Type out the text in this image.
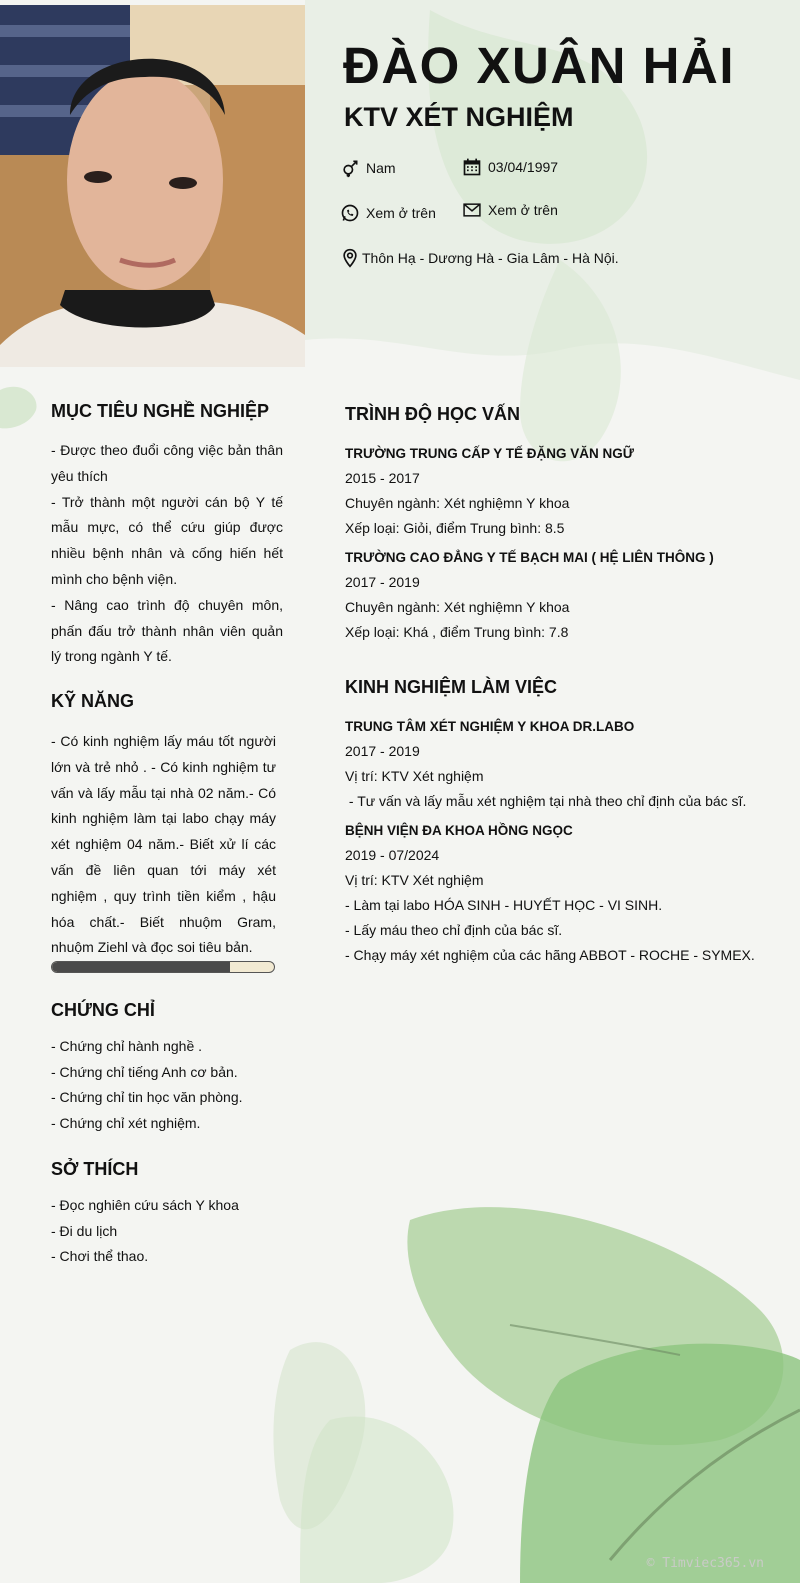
ĐÀO XUÂN HẢI
KTV XÉT NGHIỆM
Nam	03/04/1997
Xem ở trên	Xem ở trên
Thôn Hạ - Dương Hà - Gia Lâm - Hà Nội.
MỤC TIÊU NGHỀ NGHIỆP

- Được theo đuổi công việc bản thân yêu thích

- Trở thành một người cán bộ Y tế mẫu mực, có thể cứu giúp được nhiều bệnh nhân và cống hiến hết mình cho bệnh viện.

- Nâng cao trình độ chuyên môn, phấn đấu trở thành nhân viên quản lý trong ngành Y tế.

KỸ NĂNG

- Có kinh nghiệm lấy máu tốt người lớn và trẻ nhỏ . - Có kinh nghiệm tư vấn và lấy mẫu tại nhà 02 năm.- Có kinh nghiệm làm tại labo chạy máy xét nghiệm 04 năm.- Biết xử lí các vấn đề liên quan tới máy xét nghiệm , quy trình tiền kiểm , hậu hóa chất.- Biết nhuộm Gram, nhuộm Ziehl và đọc soi tiêu bản.

CHỨNG CHỈ
- Chứng chỉ hành nghề .
- Chứng chỉ tiếng Anh cơ bản.
- Chứng chỉ tin học văn phòng.
- Chứng chỉ xét nghiệm.
SỞ THÍCH
- Đọc nghiên cứu sách Y khoa
- Đi du lịch
- Chơi thể thao.
TRÌNH ĐỘ HỌC VẤN
TRƯỜNG TRUNG CẤP Y TẾ ĐẶNG VĂN NGỮ
2015 - 2017
Chuyên ngành: Xét nghiệmn Y khoa
Xếp loại: Giỏi, điểm Trung bình: 8.5
TRƯỜNG CAO ĐẲNG Y TẾ BẠCH MAI ( HỆ LIÊN THÔNG )
2017 - 2019
Chuyên ngành: Xét nghiệmn Y khoa
Xếp loại: Khá , điểm Trung bình: 7.8
KINH NGHIỆM LÀM VIỆC
TRUNG TÂM XÉT NGHIỆM Y KHOA DR.LABO
2017 - 2019
Vị trí: KTV Xét nghiệm
- Tư vấn và lấy mẫu xét nghiệm tại nhà theo chỉ định của bác sĩ.
BỆNH VIỆN ĐA KHOA HỒNG NGỌC
2019 - 07/2024
Vị trí: KTV Xét nghiệm
- Làm tại labo HÓA SINH - HUYẾT HỌC - VI SINH.
- Lấy máu theo chỉ định của bác sĩ.
- Chạy máy xét nghiệm của các hãng ABBOT - ROCHE - SYMEX.
© Timviec365.vn
